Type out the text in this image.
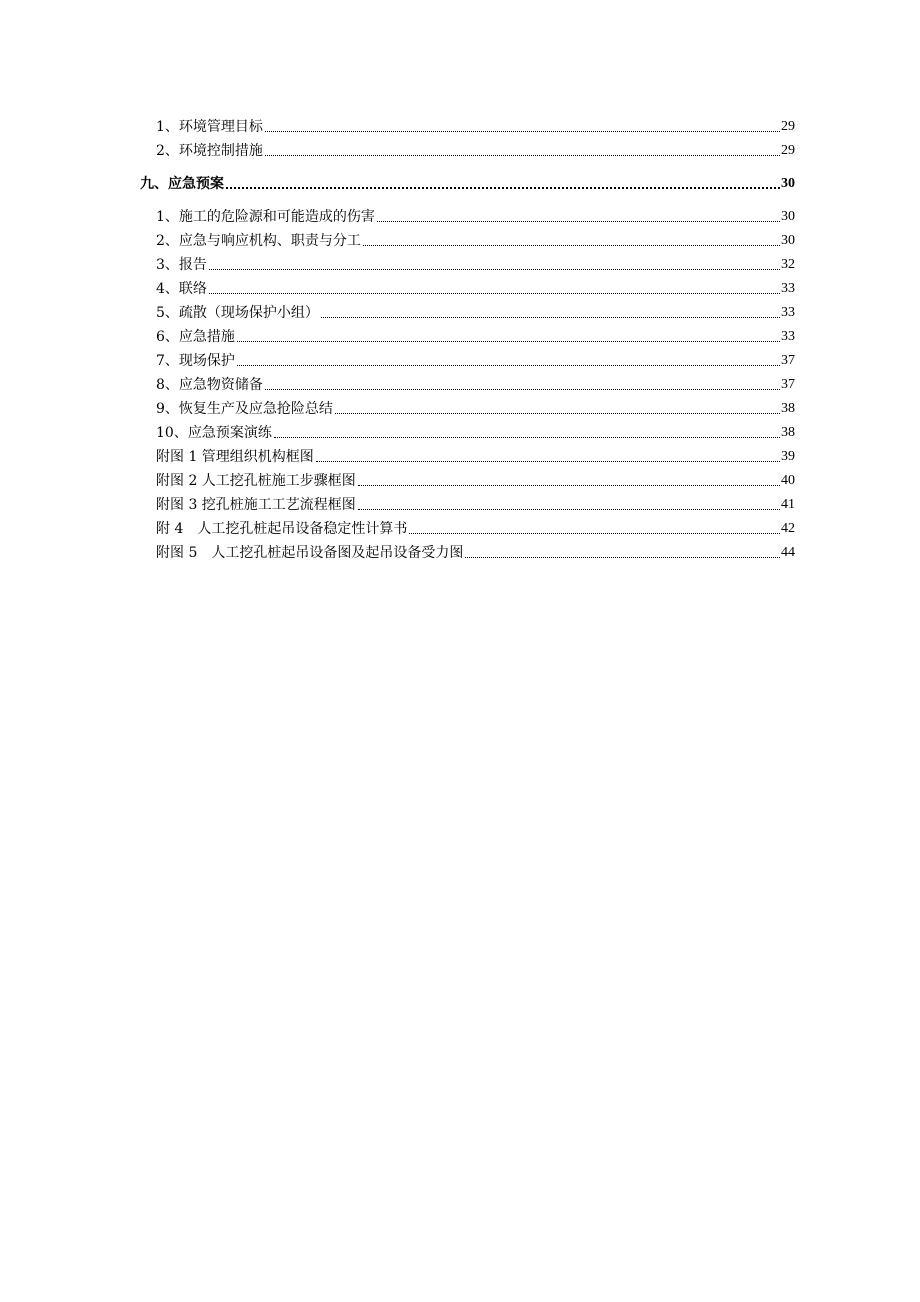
1、环境管理目标	29
2、环境控制措施	29
九、应急预案	30
1、施工的危险源和可能造成的伤害	30
2、应急与响应机构、职责与分工	30
3、报告	32
4、联络	33
5、疏散（现场保护小组）	33
6、应急措施	33
7、现场保护	37
8、应急物资储备	37
9、恢复生产及应急抢险总结	38
10、应急预案演练	38
附图 1 管理组织机构框图	39
附图 2 人工挖孔桩施工步骤框图	40
附图 3 挖孔桩施工工艺流程框图	41
附 4　人工挖孔桩起吊设备稳定性计算书	42
附图 5　人工挖孔桩起吊设备图及起吊设备受力图	44
